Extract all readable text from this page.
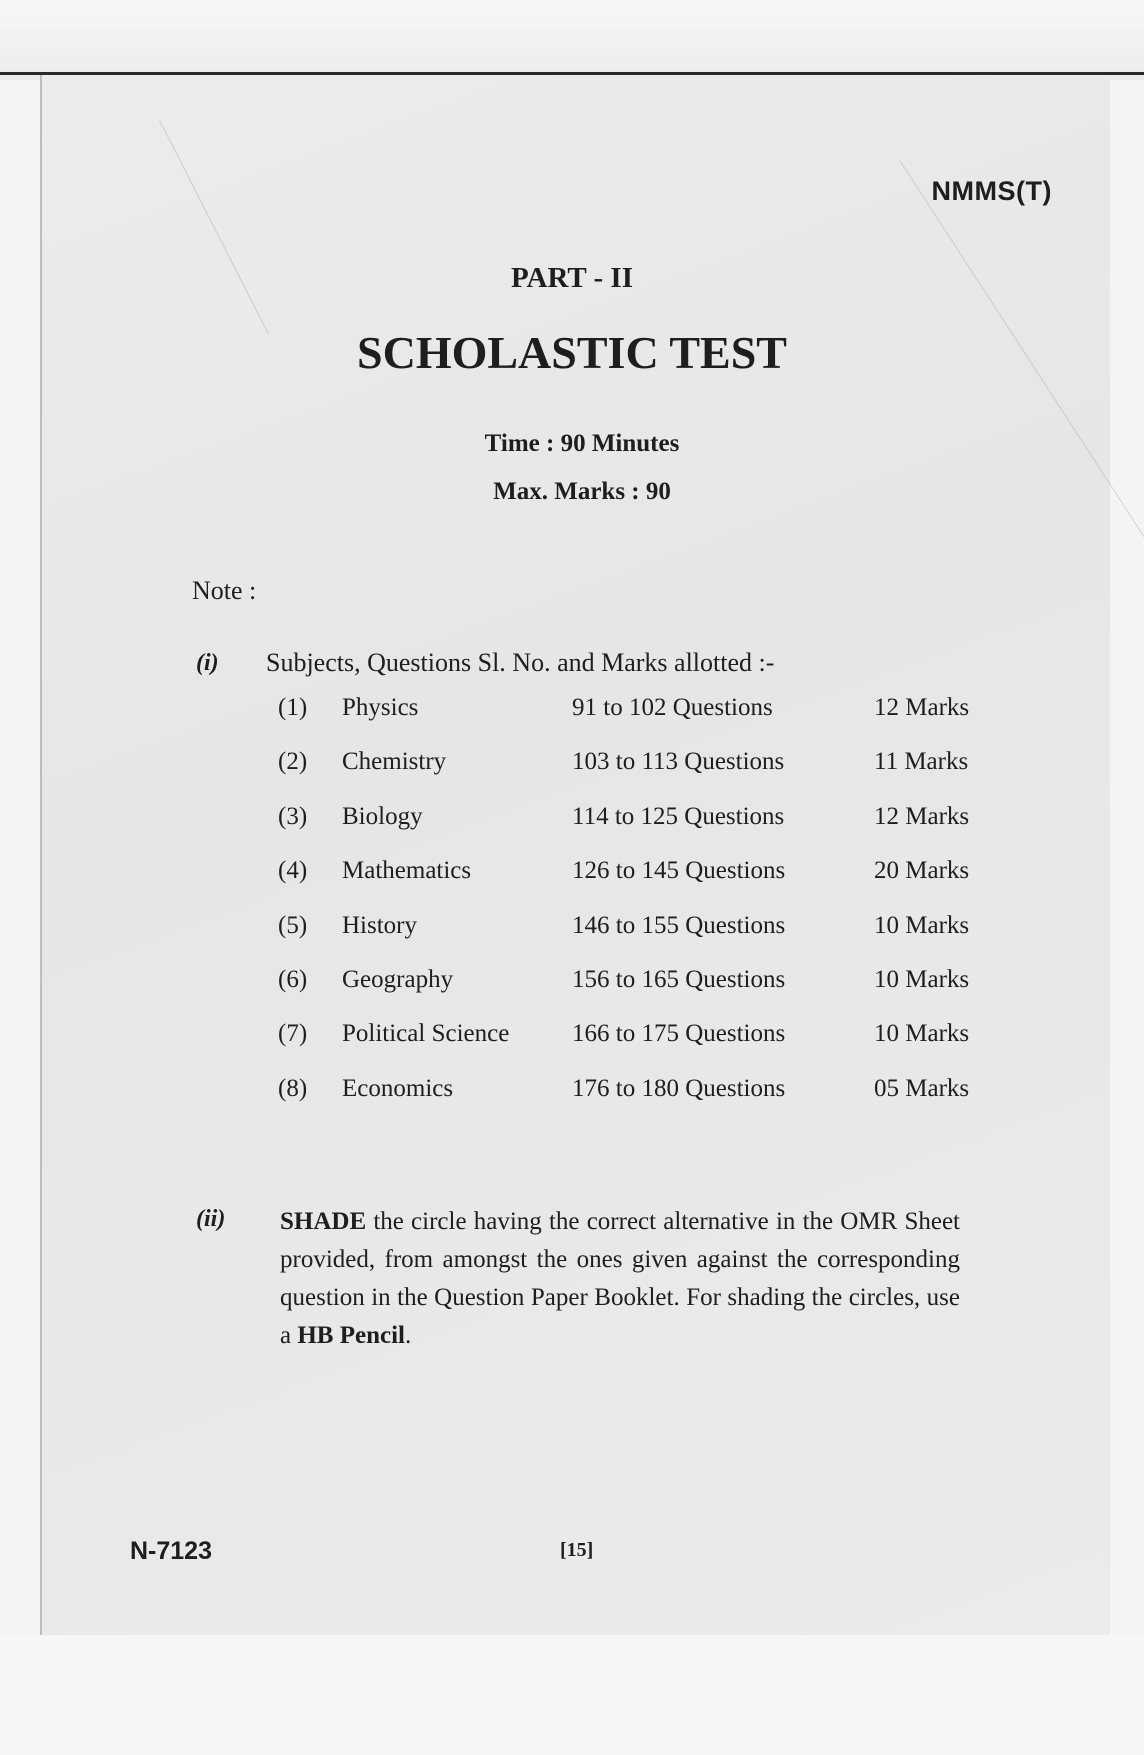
NMMS(T)
PART - II
SCHOLASTIC TEST
Time : 90 Minutes
Max. Marks : 90
Note :
(i) Subjects, Questions Sl. No. and Marks allotted :-
(1) Physics	91 to 102 Questions	12 Marks
(2) Chemistry	103 to 113 Questions	11 Marks
(3) Biology	114 to 125 Questions	12 Marks
(4) Mathematics	126 to 145 Questions	20 Marks
(5) History	146 to 155 Questions	10 Marks
(6) Geography	156 to 165 Questions	10 Marks
(7) Political Science	166 to 175 Questions	10 Marks
(8) Economics	176 to 180 Questions	05 Marks
(ii) SHADE the circle having the correct alternative in the OMR Sheet provided, from amongst the ones given against the corresponding question in the Question Paper Booklet. For shading the circles, use a HB Pencil.
N-7123	[15]
